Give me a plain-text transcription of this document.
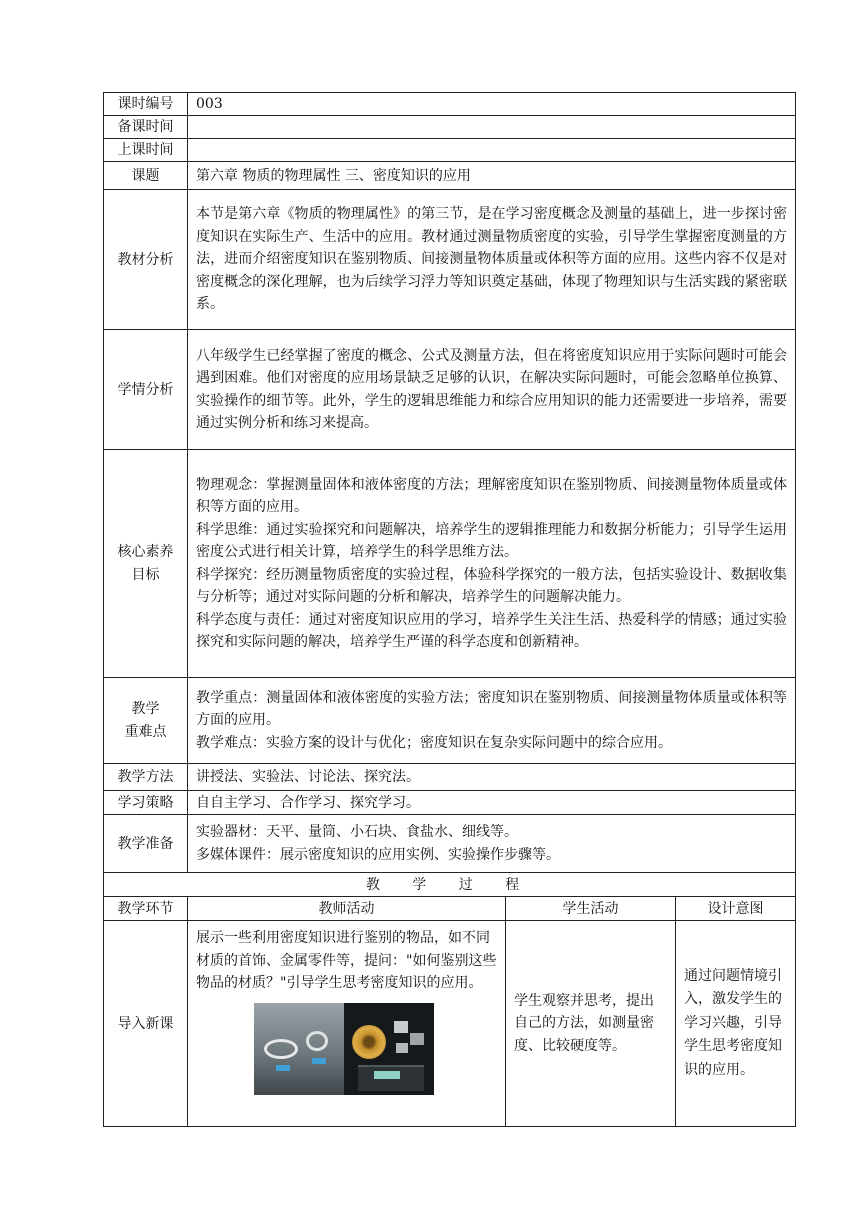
课时编号	003		
备课时间			
上课时间			
课题	第六章 物质的物理属性 三、密度知识的应用		
教材分析	本节是第六章《物质的物理属性》的第三节，是在学习密度概念及测量的基础上，进一步探讨密度知识在实际生产、生活中的应用。教材通过测量物质密度的实验，引导学生掌握密度测量的方法，进而介绍密度知识在鉴别物质、间接测量物体质量或体积等方面的应用。这些内容不仅是对密度概念的深化理解，也为后续学习浮力等知识奠定基础，体现了物理知识与生活实践的紧密联系。		
学情分析	八年级学生已经掌握了密度的概念、公式及测量方法，但在将密度知识应用于实际问题时可能会遇到困难。他们对密度的应用场景缺乏足够的认识，在解决实际问题时，可能会忽略单位换算、实验操作的细节等。此外，学生的逻辑思维能力和综合应用知识的能力还需要进一步培养，需要通过实例分析和练习来提高。		

核心素养
目标	物理观念：掌握测量固体和液体密度的方法；理解密度知识在鉴别物质、间接测量物体质量或体积等方面的应用。
科学思维：通过实验探究和问题解决，培养学生的逻辑推理能力和数据分析能力；引导学生运用密度公式进行相关计算，培养学生的科学思维方法。
科学探究：经历测量物质密度的实验过程，体验科学探究的一般方法，包括实验设计、数据收集与分析等；通过对实际问题的分析和解决，培养学生的问题解决能力。
科学态度与责任：通过对密度知识应用的学习，培养学生关注生活、热爱科学的情感；通过实验探究和实际问题的解决，培养学生严谨的科学态度和创新精神。		

教学
重难点	教学重点：测量固体和液体密度的实验方法；密度知识在鉴别物质、间接测量物体质量或体积等方面的应用。
教学难点：实验方案的设计与优化；密度知识在复杂实际问题中的综合应用。		

教学方法	讲授法、实验法、讨论法、探究法。		
学习策略	自自主学习、合作学习、探究学习。		
教学准备	实验器材：天平、量筒、小石块、食盐水、细线等。
多媒体课件：展示密度知识的应用实例、实验操作步骤等。		

教 学 过 程			
教学环节	教师活动	学生活动	设计意图
导入新课	展示一些利用密度知识进行鉴别的物品，如不同材质的首饰、金属零件等，提问："如何鉴别这些物品的材质？"引导学生思考密度知识的应用。	学生观察并思考，提出自己的方法，如测量密度、比较硬度等。	通过问题情境引入，激发学生的学习兴趣，引导学生思考密度知识的应用。
